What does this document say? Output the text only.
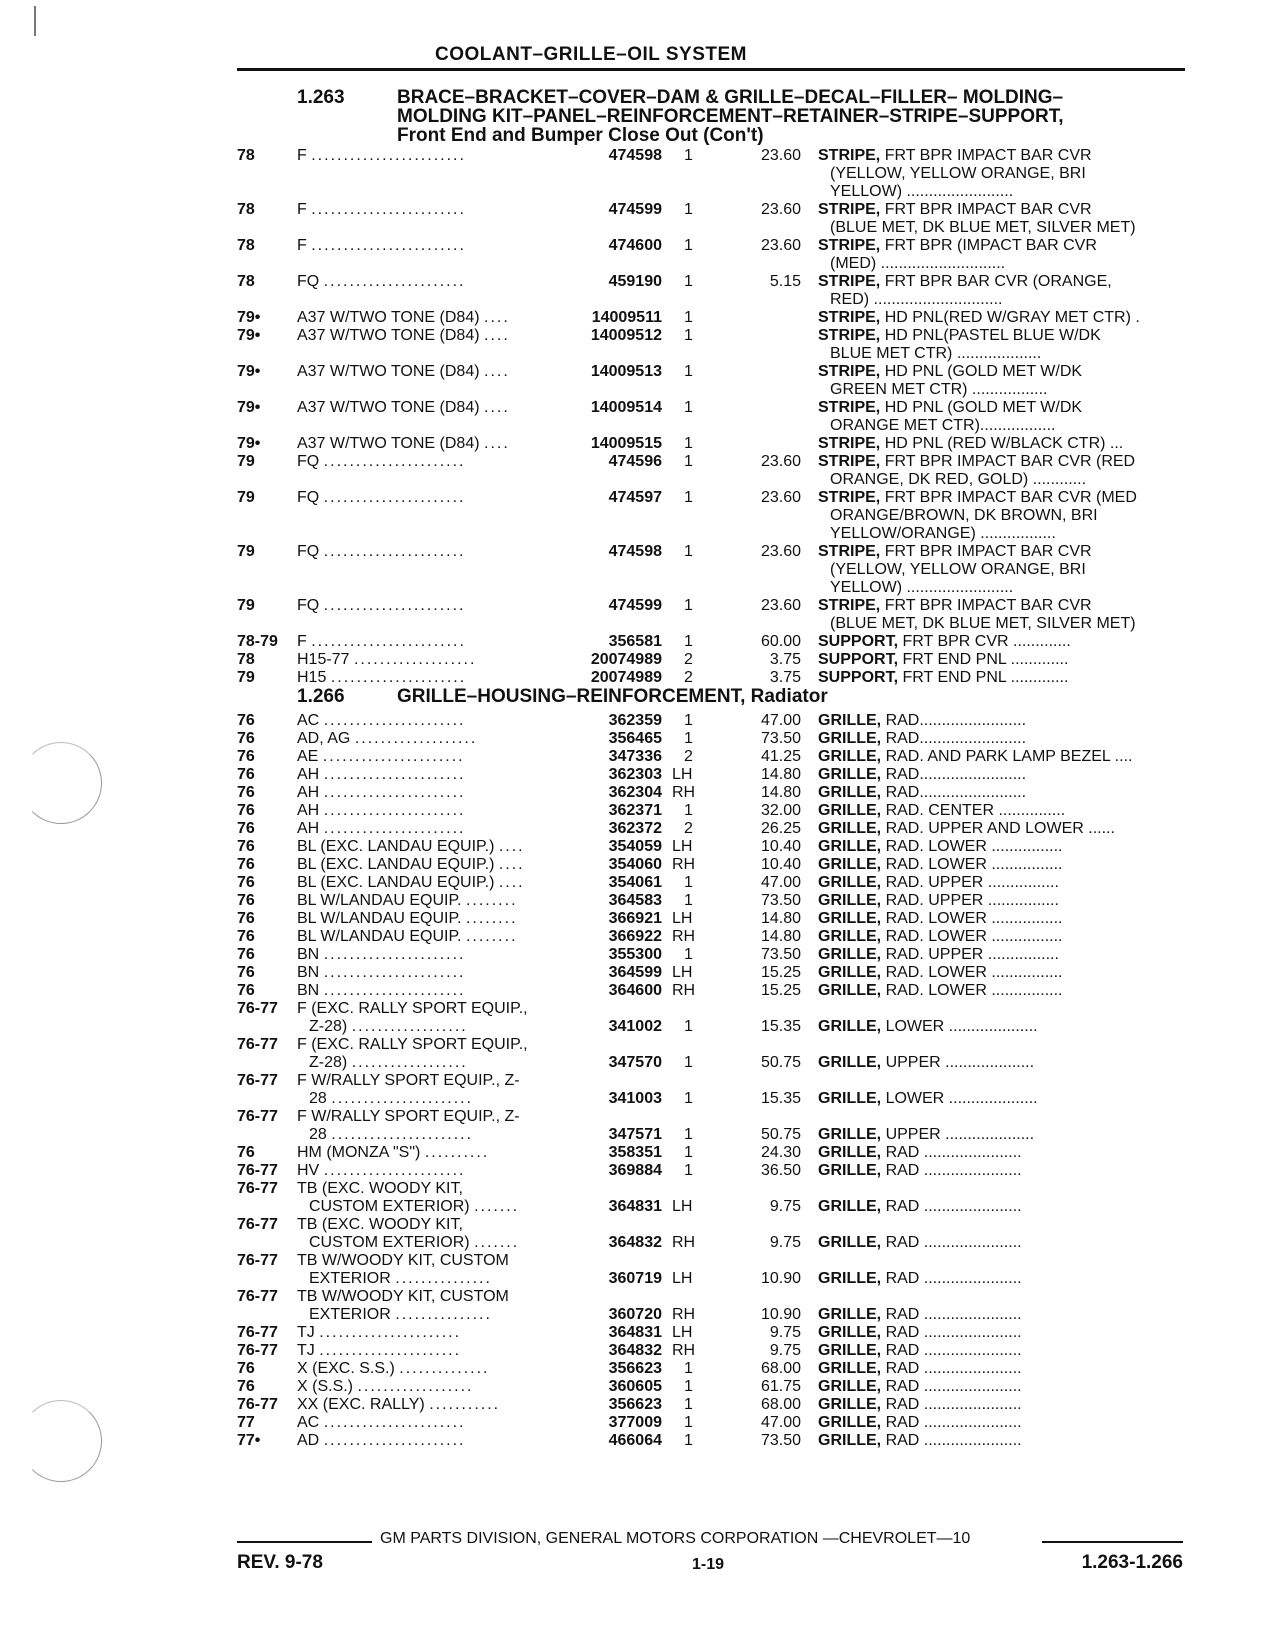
COOLANT–GRILLE–OIL SYSTEM
78	F ........................	474598	1	23.60 STRIPE, FRT BPR IMPACT BAR CVR
(YELLOW, YELLOW ORANGE, BRI
YELLOW) ........................
78	F ........................	474599	1	23.60 STRIPE, FRT BPR IMPACT BAR CVR
(BLUE MET, DK BLUE MET, SILVER MET)
78	F ........................	474600	1	23.60 STRIPE, FRT BPR (IMPACT BAR CVR
(MED) ............................
78	FQ ......................	459190	1	5.15 STRIPE, FRT BPR BAR CVR (ORANGE,
RED) .............................
79•	A37 W/TWO TONE (D84) ....	14009511	1	STRIPE, HD PNL(RED W/GRAY MET CTR) .
79•	A37 W/TWO TONE (D84) ....	14009512	1	STRIPE, HD PNL(PASTEL BLUE W/DK
BLUE MET CTR) ...................
79•	A37 W/TWO TONE (D84) ....	14009513	1	STRIPE, HD PNL (GOLD MET W/DK
GREEN MET CTR) .................
79•	A37 W/TWO TONE (D84) ....	14009514	1	STRIPE, HD PNL (GOLD MET W/DK
ORANGE MET CTR).................
79•	A37 W/TWO TONE (D84) ....	14009515	1	STRIPE, HD PNL (RED W/BLACK CTR) ...
79	FQ ......................	474596	1	23.60 STRIPE, FRT BPR IMPACT BAR CVR (RED
ORANGE, DK RED, GOLD) ............
79	FQ ......................	474597	1	23.60 STRIPE, FRT BPR IMPACT BAR CVR (MED
ORANGE/BROWN, DK BROWN, BRI
YELLOW/ORANGE) .................
79	FQ ......................	474598	1	23.60 STRIPE, FRT BPR IMPACT BAR CVR
(YELLOW, YELLOW ORANGE, BRI
YELLOW) ........................
79	FQ ......................	474599	1	23.60 STRIPE, FRT BPR IMPACT BAR CVR
(BLUE MET, DK BLUE MET, SILVER MET)
78-79	F ........................	356581	1	60.00 SUPPORT, FRT BPR CVR .............
78	H15-77 ...................	20074989	2	3.75 SUPPORT, FRT END PNL .............
79	H15 .....................	20074989	2	3.75 SUPPORT, FRT END PNL .............
76	AC ......................	362359	1	47.00 GRILLE, RAD........................
76	AD, AG ...................	356465	1	73.50 GRILLE, RAD........................
76	AE ......................	347336	2	41.25 GRILLE, RAD. AND PARK LAMP BEZEL ....
76	AH ......................	362303 LH	14.80 GRILLE, RAD........................
76	AH ......................	362304 RH	14.80 GRILLE, RAD........................
76	AH ......................	362371	1	32.00 GRILLE, RAD. CENTER ...............
76	AH ......................	362372	2	26.25 GRILLE, RAD. UPPER AND LOWER ......
76	BL (EXC. LANDAU EQUIP.) ....	354059 LH	10.40 GRILLE, RAD. LOWER ................
76	BL (EXC. LANDAU EQUIP.) ....	354060 RH	10.40 GRILLE, RAD. LOWER ................
76	BL (EXC. LANDAU EQUIP.) ....	354061	1	47.00 GRILLE, RAD. UPPER ................
76	BL W/LANDAU EQUIP. ........	364583	1	73.50 GRILLE, RAD. UPPER ................
76	BL W/LANDAU EQUIP. ........	366921 LH	14.80 GRILLE, RAD. LOWER ................
76	BL W/LANDAU EQUIP. ........	366922 RH	14.80 GRILLE, RAD. LOWER ................
76	BN ......................	355300	1	73.50 GRILLE, RAD. UPPER ................
76	BN ......................	364599 LH	15.25 GRILLE, RAD. LOWER ................
76	BN ......................	364600 RH	15.25 GRILLE, RAD. LOWER ................
76-77	F (EXC. RALLY SPORT EQUIP.,
Z-28) ..................	341002	1	15.35 GRILLE, LOWER ....................
76-77	F (EXC. RALLY SPORT EQUIP.,
Z-28) ..................	347570	1	50.75 GRILLE, UPPER ....................
76-77	F W/RALLY SPORT EQUIP., Z-
28 ......................	341003	1	15.35 GRILLE, LOWER ....................
76-77	F W/RALLY SPORT EQUIP., Z-
28 ......................	347571	1	50.75 GRILLE, UPPER ....................
76	HM (MONZA "S") ..........	358351	1	24.30 GRILLE, RAD ......................
76-77	HV ......................	369884	1	36.50 GRILLE, RAD ......................
76-77	TB (EXC. WOODY KIT,
CUSTOM EXTERIOR) .......	364831 LH	9.75 GRILLE, RAD ......................
76-77	TB (EXC. WOODY KIT,
CUSTOM EXTERIOR) .......	364832 RH	9.75 GRILLE, RAD ......................
76-77	TB W/WOODY KIT, CUSTOM
EXTERIOR ...............	360719 LH	10.90 GRILLE, RAD ......................
76-77	TB W/WOODY KIT, CUSTOM
EXTERIOR ...............	360720 RH	10.90 GRILLE, RAD ......................
76-77	TJ ......................	364831 LH	9.75 GRILLE, RAD ......................
76-77	TJ ......................	364832 RH	9.75 GRILLE, RAD ......................
76	X (EXC. S.S.) ..............	356623	1	68.00 GRILLE, RAD ......................
76	X (S.S.) ..................	360605	1	61.75 GRILLE, RAD ......................
76-77	XX (EXC. RALLY) ...........	356623	1	68.00 GRILLE, RAD ......................
77	AC ......................	377009	1	47.00 GRILLE, RAD ......................
77•	AD ......................	466064	1	73.50 GRILLE, RAD ......................
GM PARTS DIVISION, GENERAL MOTORS CORPORATION —CHEVROLET—10
REV. 9-78	1-19	1.263-1.266
1.263	BRACE–BRACKET–COVER–DAM & GRILLE–DECAL–FILLER– MOLDING–
MOLDING KIT–PANEL–REINFORCEMENT–RETAINER–STRIPE–SUPPORT,
Front End and Bumper Close Out (Con't)
1.266	GRILLE–HOUSING–REINFORCEMENT, Radiator
